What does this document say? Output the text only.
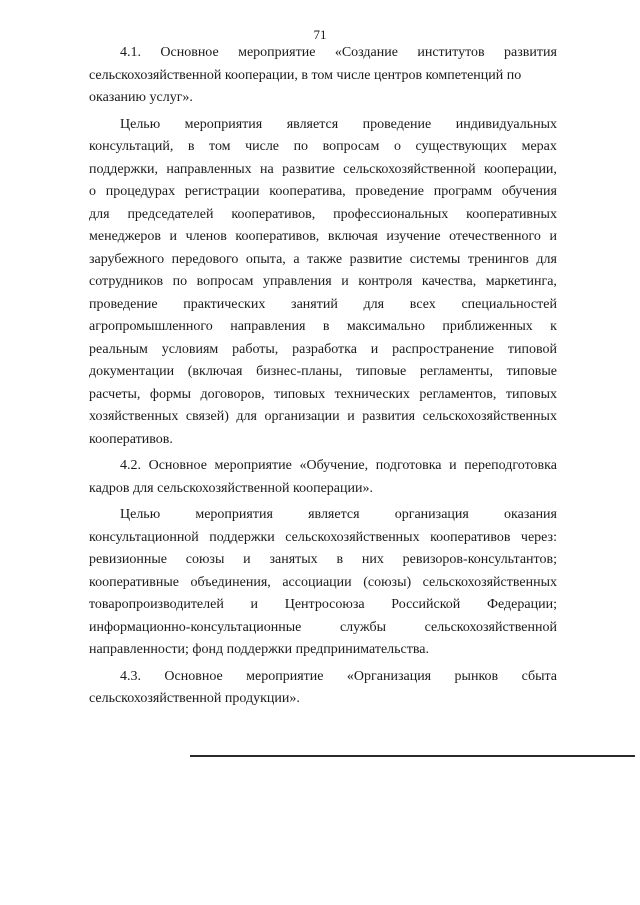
71
4.1. Основное мероприятие «Создание институтов развития
сельскохозяйственной кооперации, в том числе центров компетенций по
оказанию услуг».
Целью мероприятия является проведение индивидуальных
консультаций, в том числе по вопросам о существующих мерах
поддержки, направленных на развитие сельскохозяйственной кооперации,
о процедурах регистрации кооператива, проведение программ обучения
для председателей кооперативов, профессиональных кооперативных
менеджеров и членов кооперативов, включая изучение отечественного и
зарубежного передового опыта, а также развитие системы тренингов для
сотрудников по вопросам управления и контроля качества, маркетинга,
проведение практических занятий для всех специальностей
агропромышленного направления в максимально приближенных к
реальным условиям работы, разработка и распространение типовой
документации (включая бизнес-планы, типовые регламенты, типовые
расчеты, формы договоров, типовых технических регламентов, типовых
хозяйственных связей) для организации и развития сельскохозяйственных
кооперативов.
4.2. Основное мероприятие «Обучение, подготовка и переподготовка
кадров для сельскохозяйственной кооперации».
Целью	мероприятия	является	организация	оказания
консультационной поддержки сельскохозяйственных кооперативов через:
ревизионные союзы и занятых в них ревизоров-консультантов;
кооперативные объединения, ассоциации (союзы) сельскохозяйственных
товаропроизводителей и Центросоюза Российской Федерации;
информационно-консультационные	службы	сельскохозяйственной
направленности; фонд поддержки предпринимательства.
4.3. Основное мероприятие «Организация рынков сбыта
сельскохозяйственной продукции».
